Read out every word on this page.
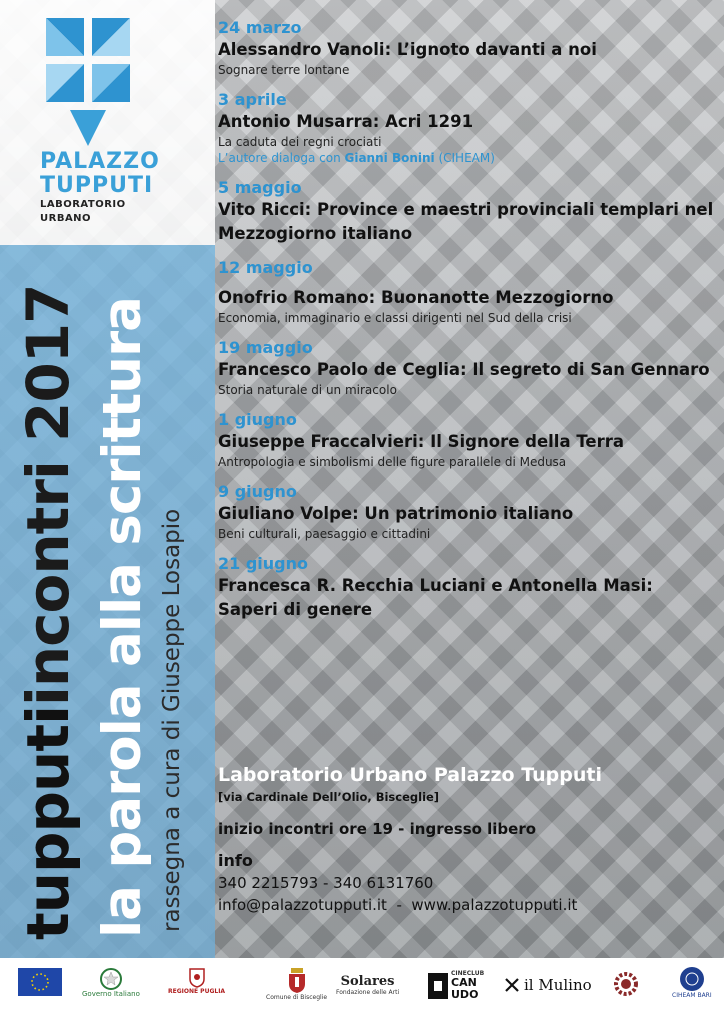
PALAZZO
TUPPUTI
LABORATORIO URBANO
tupputiincontri 2017 la parola alla scrittura rassegna a cura di Giuseppe Losapio
24 marzo
Alessandro Vanoli: L’ignoto davanti a noi
Sognare terre lontane
3 aprile
Antonio Musarra: Acri 1291
La caduta dei regni crociati
L’autore dialoga con Gianni Bonini (CIHEAM)
5 maggio
Vito Ricci: Province e maestri provinciali templari nel Mezzogiorno italiano
12 maggio
Onofrio Romano: Buonanotte Mezzogiorno
Economia, immaginario e classi dirigenti nel Sud della crisi
19 maggio
Francesco Paolo de Ceglia: Il segreto di San Gennaro
Storia naturale di un miracolo
1 giugno
Giuseppe Fraccalvieri: Il Signore della Terra
Antropologia e simbolismi delle figure parallele di Medusa
9 giugno
Giuliano Volpe: Un patrimonio italiano
Beni culturali, paesaggio e cittadini
21 giugno
Francesca R. Recchia Luciani e Antonella Masi: Saperi di genere
Laboratorio Urbano Palazzo Tupputi
[via Cardinale Dell’Olio, Bisceglie]
inizio incontri ore 19 - ingresso libero
info
340 2215793 - 340 6131760
info@palazzotupputi.it  -  www.palazzotupputi.it
Governo Italiano	REGIONE PUGLIA
Comune di Bisceglie
Solares
Fondazione delle Arti
CINECLUB
CAN UDO
il Mulino
CIHEAM BARI
